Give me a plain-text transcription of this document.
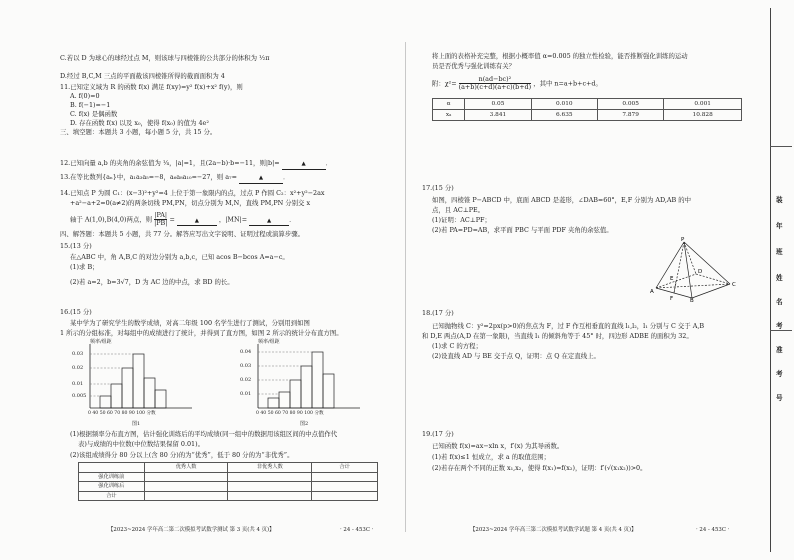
C.若以 D 为球心的球经过点 M，则该球与四棱锥的公共部分的体积为 ½π
D.经过 B,C,M 三点的平面截该四棱锥所得的截面面积为 4
11.已知定义域为 R 的函数 f(x) 满足 f(xy)=y² f(x)+x² f(y)，则
A. f(0)=0
B. f(−1)=−1
C. f(x) 是偶函数
D. 存在函数 f(x) 以及 x₀，使得 f(x₀) 的值为 4e²
三、填空题：本题共 3 小题，每小题 5 分，共 15 分。
12.已知向量 a,b 的夹角的余弦值为 ¼，|a|=1，且(2a−b)·b=−11，则|b|=	▲	．
13.在等比数列{aₙ}中，a₁a₃a₅=−8，a₆a₈a₁₀=−27，则 a₇=	▲	．
14.已知点 P 为圆 C₁：(x−3)²+y²=4 上位于第一象限内的点，过点 P 作圆 C₂：x²+y²−2ax
+a²−a+2=0(a≠2)的两条切线 PM,PN，切点分别为 M,N，直线 PM,PN 分别交 x
轴于 A(1,0),B(4,0)两点，则 $\frac{|PA|}{|PB|}$ =	▲	，|MN|=	▲	．
四、解答题：本题共 5 小题，共 77 分。解答应写出文字说明、证明过程或演算步骤。
15.(13 分)
在△ABC 中，角 A,B,C 的对边分别为 a,b,c，已知 acos B−bcos A=a−c。
(1)求 B；
(2)若 a=2，b=3√7，D 为 AC 边的中点，求 BD 的长。
16.(15 分)
某中学为了研究学生的数学成绩，对高二年级 100 名学生进行了测试，分别用到如图
1 所示的分组标准，对每组中的成绩进行了统计，并得到了直方图，如图 2 所示的统计分布直方图。
频率/组距
0.03
0.02
0.01
0.005
0 40 50 60 70 80 90 100 分数
图1
频率/组距
0.04
0.03
0.02
0.01
0 40 50 60 70 80 90 100 分数
图2
(1)根据频率分布直方图，估计强化训练后的平均成绩(同一组中的数据用该组区间的中点值作代
表)与成绩的中位数(中位数结果保留 0.01)。
(2)该组成绩得分 80 分以上(含 80 分)的为“优秀”，低于 80 分的为“非优秀”。
	优秀人数	非优秀人数	合计
强化训练前			
强化训练后			
合计			
【2023~2024 学年高二第二次模拟考试数学测试 第 3 页(共 4 页)】	· 24 - 453C ·
将上面的表格补充完整，根据小概率值 α=0.005 的独立性检验，能否推断强化训练的运动
员是否优秀与强化训练有关？
附：$\chi^2= \frac{\text{n(ad−bc)²}}{(a+b)(c+d)(a+c)(b+d)}$ ，其中 n=a+b+c+d。
α	0.05	0.010	0.005	0.001
xₐ	3.841	6.635	7.879	10.828
17.(15 分)
如图，四棱锥 P−ABCD 中，底面 ABCD 是菱形，∠DAB=60°，E,F 分别为 AD,AB 的中
点，且 AC⊥PE。
(1)证明：AC⊥PF；
(2)若 PA=PD=AB，求平面 PBC 与平面 PDF 夹角的余弦值。
P
A
B
C
D
E
F
18.(17 分)
已知抛物线 C：y²=2px(p>0)的焦点为 F，过 F 作互相垂直的直线 l₁,l₂，l₁ 分别与 C 交于 A,B
和 D,E 两点(A,D 在第一象限)，当直线 l₁ 的倾斜角等于 45° 时，四边形 ADBE 的面积为 32。
(1)求 C 的方程；
(2)设直线 AD 与 BE 交于点 Q，证明：点 Q 在定直线上。
19.(17 分)
已知函数 f(x)=ax−xln x，f′(x) 为其导函数。
(1)若 f(x)≤1 恒成立，求 a 的取值范围；
(2)若存在两个不同的正数 x₁,x₂，使得 f(x₁)=f(x₂)，证明：f′(√(x₁x₂))>0。
【2023~2024 学年高三第二次模拟考试数学试题 第 4 页(共 4 页)】	· 24 - 453C ·
装
年
班
姓
名
考
准
考
号
